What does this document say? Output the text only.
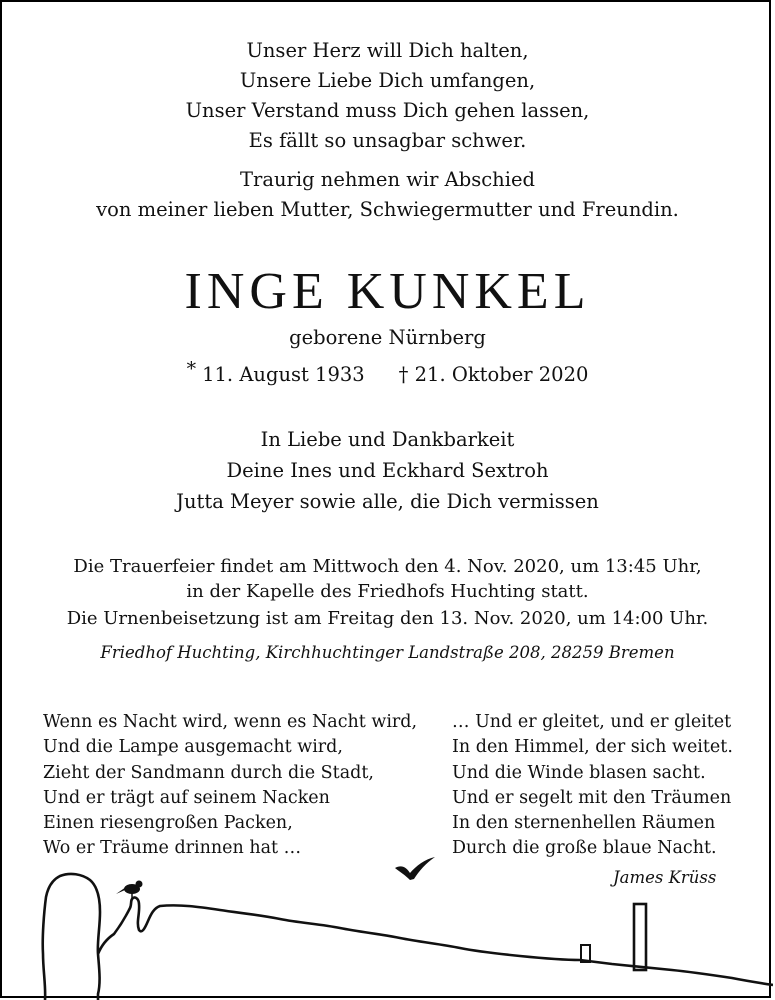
Unser Herz will Dich halten,
Unsere Liebe Dich umfangen,
Unser Verstand muss Dich gehen lassen,
Es fällt so unsagbar schwer.
Traurig nehmen wir Abschied
von meiner lieben Mutter, Schwiegermutter und Freundin.
INGE KUNKEL
geborene Nürnberg
* 11. August 1933 † 21. Oktober 2020
In Liebe und Dankbarkeit
Deine Ines und Eckhard Sextroh
Jutta Meyer sowie alle, die Dich vermissen
Die Trauerfeier findet am Mittwoch den 4. Nov. 2020, um 13:45 Uhr,
in der Kapelle des Friedhofs Huchting statt.
Die Urnenbeisetzung ist am Freitag den 13. Nov. 2020, um 14:00 Uhr.
Friedhof Huchting, Kirchhuchtinger Landstraße 208, 28259 Bremen
Wenn es Nacht wird, wenn es Nacht wird,
Und die Lampe ausgemacht wird,
Zieht der Sandmann durch die Stadt,
Und er trägt auf seinem Nacken
Einen riesengroßen Packen,
Wo er Träume drinnen hat …
… Und er gleitet, und er gleitet
In den Himmel, der sich weitet.
Und die Winde blasen sacht.
Und er segelt mit den Träumen
In den sternenhellen Räumen
Durch die große blaue Nacht.
James Krüss
